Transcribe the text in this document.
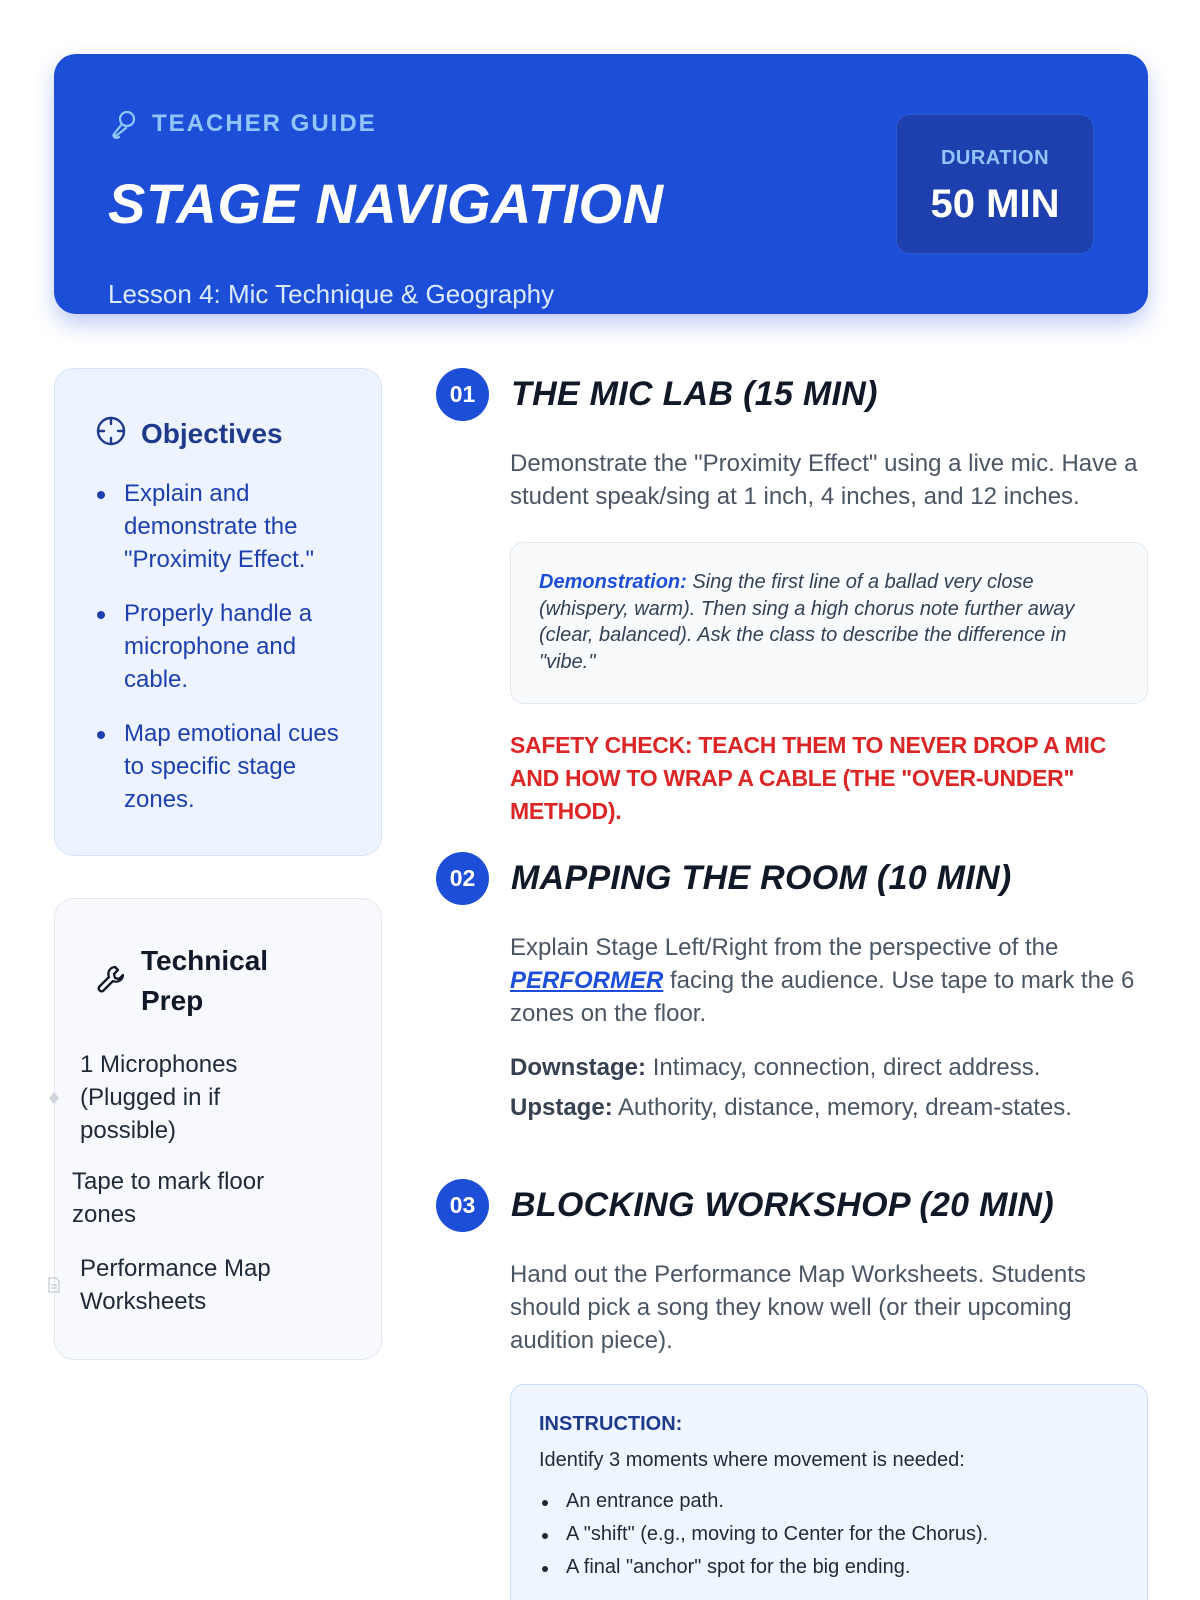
TEACHER GUIDE
STAGE NAVIGATION
Lesson 4: Mic Technique & Geography
DURATION
50 MIN
Objectives
Explain and demonstrate the "Proximity Effect."
Properly handle a microphone and cable.
Map emotional cues to specific stage zones.
Technical Prep
1 Microphones (Plugged in if possible)
Tape to mark floor zones
Performance Map Worksheets
01	THE MIC LAB (15 MIN)
Demonstrate the "Proximity Effect" using a live mic. Have a student speak/sing at 1 inch, 4 inches, and 12 inches.
Demonstration: Sing the first line of a ballad very close (whispery, warm). Then sing a high chorus note further away (clear, balanced). Ask the class to describe the difference in "vibe."
SAFETY CHECK: TEACH THEM TO NEVER DROP A MIC AND HOW TO WRAP A CABLE (THE "OVER-UNDER" METHOD).
02	MAPPING THE ROOM (10 MIN)
Explain Stage Left/Right from the perspective of the PERFORMER facing the audience. Use tape to mark the 6 zones on the floor.
Downstage: Intimacy, connection, direct address.
Upstage: Authority, distance, memory, dream-states.
03	BLOCKING WORKSHOP (20 MIN)
Hand out the Performance Map Worksheets. Students should pick a song they know well (or their upcoming audition piece).
INSTRUCTION:
Identify 3 moments where movement is needed:
An entrance path.
A "shift" (e.g., moving to Center for the Chorus).
A final "anchor" spot for the big ending.
